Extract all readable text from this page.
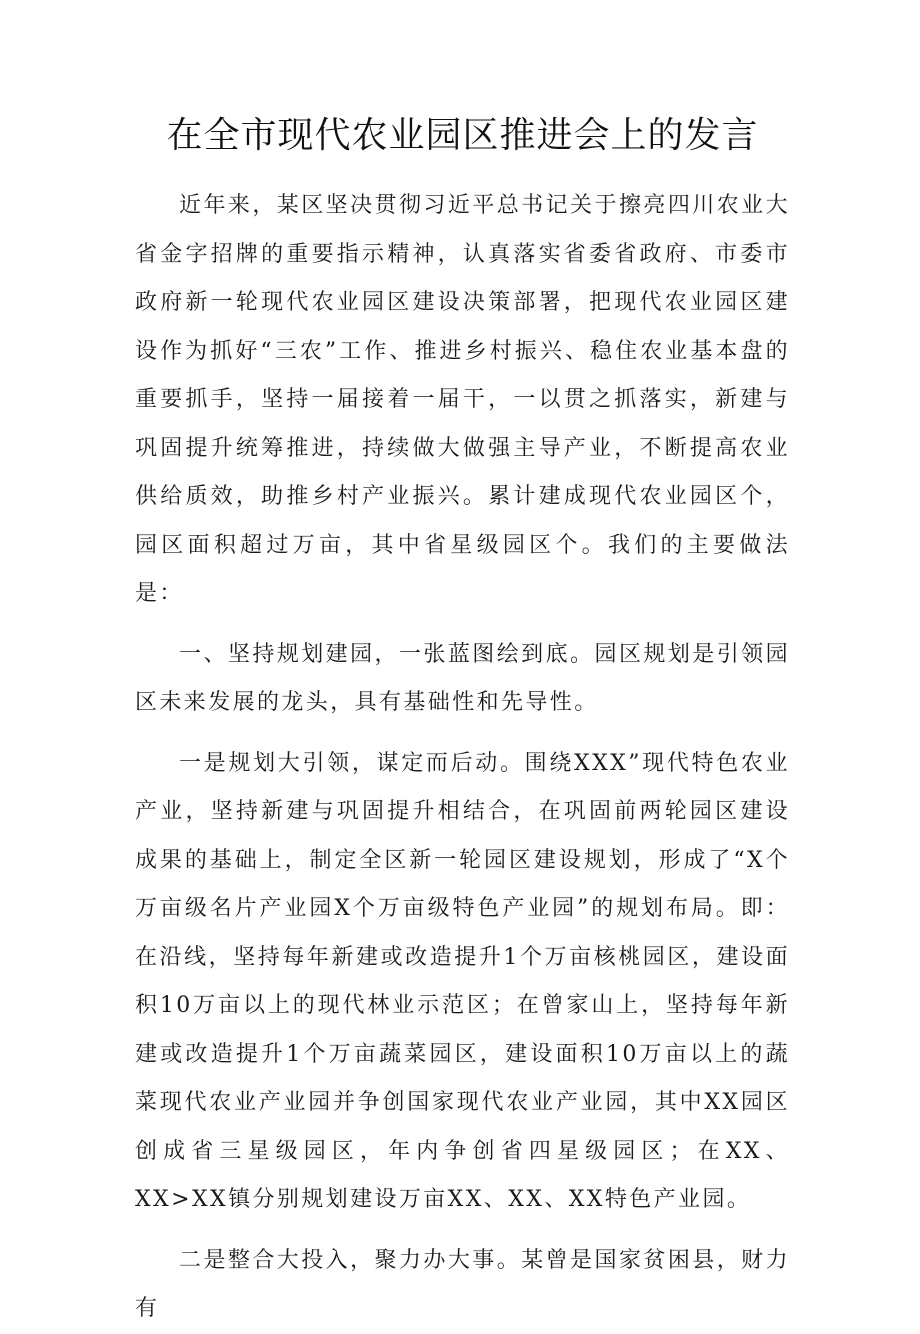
在全市现代农业园区推进会上的发言

近年来，某区坚决贯彻习近平总书记关于擦亮四川农业大省金字招牌的重要指示精神，认真落实省委省政府、市委市政府新一轮现代农业园区建设决策部署，把现代农业园区建设作为抓好“三农”工作、推进乡村振兴、稳住农业基本盘的重要抓手，坚持一届接着一届干，一以贯之抓落实，新建与巩固提升统筹推进，持续做大做强主导产业，不断提高农业供给质效，助推乡村产业振兴。累计建成现代农业园区个，园区面积超过万亩，其中省星级园区个。我们的主要做法是：

一、坚持规划建园，一张蓝图绘到底。园区规划是引领园区未来发展的龙头，具有基础性和先导性。

一是规划大引领，谋定而后动。围绕XXX”现代特色农业产业，坚持新建与巩固提升相结合，在巩固前两轮园区建设成果的基础上，制定全区新一轮园区建设规划，形成了“X个万亩级名片产业园X个万亩级特色产业园”的规划布局。即：在沿线，坚持每年新建或改造提升1个万亩核桃园区，建设面积10万亩以上的现代林业示范区；在曾家山上，坚持每年新建或改造提升1个万亩蔬菜园区，建设面积10万亩以上的蔬菜现代农业产业园并争创国家现代农业产业园，其中XX园区创成省三星级园区，年内争创省四星级园区；在XX、XX>XX镇分别规划建设万亩XX、XX、XX特色产业园。

二是整合大投入，聚力办大事。某曾是国家贫困县，财力有
